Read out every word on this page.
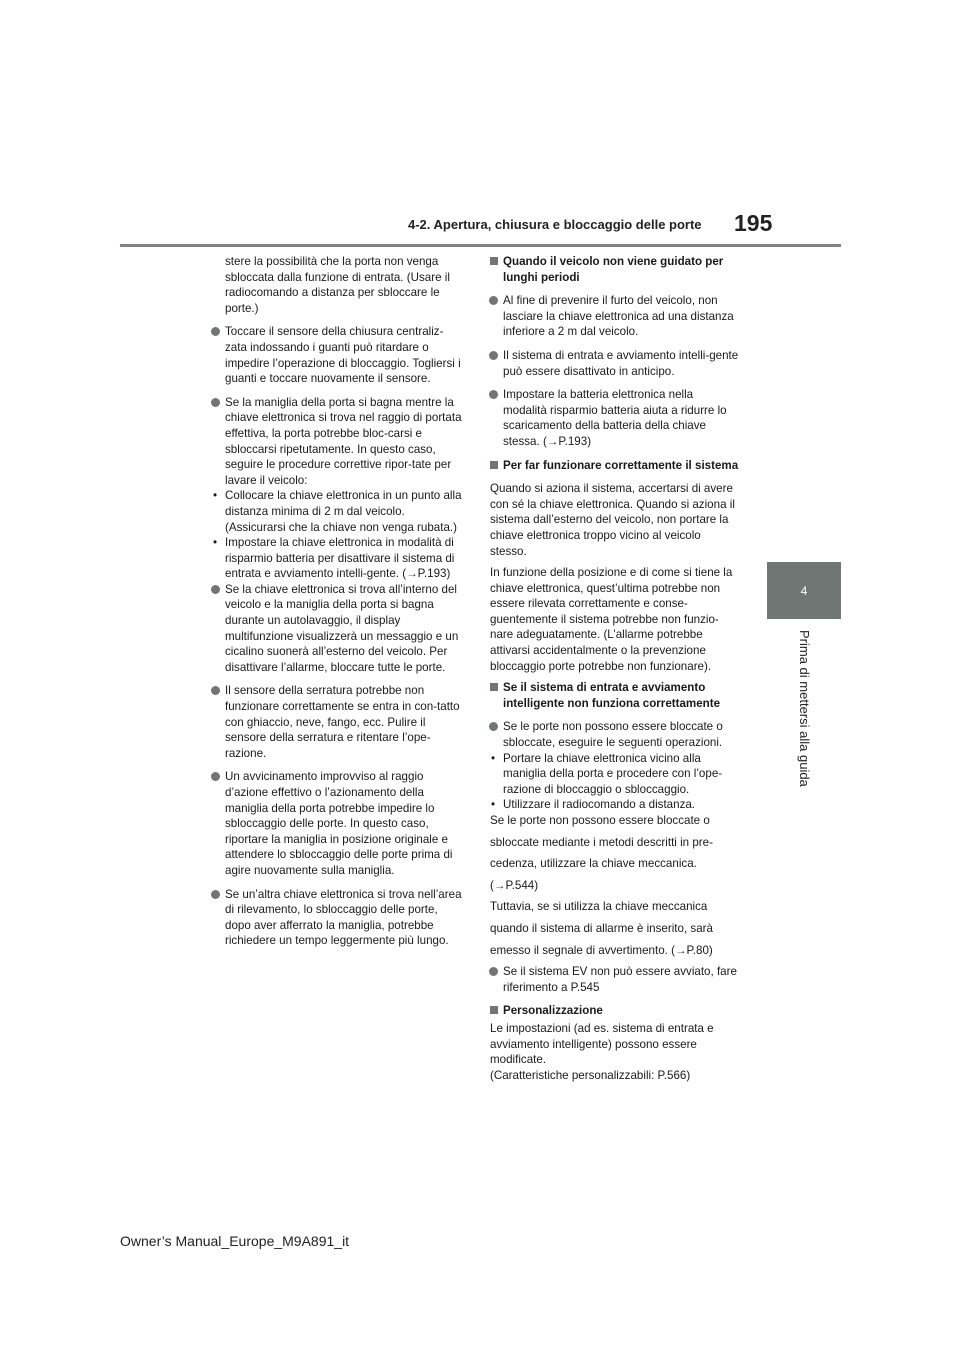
4-2. Apertura, chiusura e bloccaggio delle porte 195
4
Prima di mettersi alla guida
stere la possibilità che la porta non venga sbloccata dalla funzione di entrata. (Usare il radiocomando a distanza per sbloccare le porte.)
Toccare il sensore della chiusura centraliz-zata indossando i guanti può ritardare o impedire l’operazione di bloccaggio. Togliersi i guanti e toccare nuovamente il sensore.
Se la maniglia della porta si bagna mentre la chiave elettronica si trova nel raggio di portata effettiva, la porta potrebbe bloc-carsi e sbloccarsi ripetutamente. In questo caso, seguire le procedure correttive ripor-tate per lavare il veicolo:
• Collocare la chiave elettronica in un punto alla distanza minima di 2 m dal veicolo. (Assicurarsi che la chiave non venga rubata.)
• Impostare la chiave elettronica in modalità di risparmio batteria per disattivare il sistema di entrata e avviamento intelli-gente. (→P.193)
Se la chiave elettronica si trova all’interno del veicolo e la maniglia della porta si bagna durante un autolavaggio, il display multifunzione visualizzerà un messaggio e un cicalino suonerà all’esterno del veicolo. Per disattivare l’allarme, bloccare tutte le porte.
Il sensore della serratura potrebbe non funzionare correttamente se entra in con-tatto con ghiaccio, neve, fango, ecc. Pulire il sensore della serratura e ritentare l’ope-razione.
Un avvicinamento improvviso al raggio d’azione effettivo o l’azionamento della maniglia della porta potrebbe impedire lo sbloccaggio delle porte. In questo caso, riportare la maniglia in posizione originale e attendere lo sbloccaggio delle porte prima di agire nuovamente sulla maniglia.
Se un’altra chiave elettronica si trova nell’area di rilevamento, lo sbloccaggio delle porte, dopo aver afferrato la maniglia, potrebbe richiedere un tempo leggermente più lungo.
Quando il veicolo non viene guidato per lunghi periodi
Al fine di prevenire il furto del veicolo, non lasciare la chiave elettronica ad una distanza inferiore a 2 m dal veicolo.
Il sistema di entrata e avviamento intelli-gente può essere disattivato in anticipo.
Impostare la batteria elettronica nella modalità risparmio batteria aiuta a ridurre lo scaricamento della batteria della chiave stessa. (→P.193)
Per far funzionare correttamente il sistema
Quando si aziona il sistema, accertarsi di avere con sé la chiave elettronica. Quando si aziona il sistema dall’esterno del veicolo, non portare la chiave elettronica troppo vicino al veicolo stesso.
In funzione della posizione e di come si tiene la chiave elettronica, quest’ultima potrebbe non essere rilevata correttamente e conse-guentemente il sistema potrebbe non funzio-nare adeguatamente. (L’allarme potrebbe attivarsi accidentalmente o la prevenzione bloccaggio porte potrebbe non funzionare).
Se il sistema di entrata e avviamento intelligente non funziona correttamente
Se le porte non possono essere bloccate o sbloccate, eseguire le seguenti operazioni.
• Portare la chiave elettronica vicino alla maniglia della porta e procedere con l’ope-razione di bloccaggio o sbloccaggio.
• Utilizzare il radiocomando a distanza.
Se le porte non possono essere bloccate o
sbloccate mediante i metodi descritti in pre-
cedenza, utilizzare la chiave meccanica.
(→P.544)
Tuttavia, se si utilizza la chiave meccanica
quando il sistema di allarme è inserito, sarà
emesso il segnale di avvertimento. (→P.80)
Se il sistema EV non può essere avviato, fare riferimento a P.545
Personalizzazione
Le impostazioni (ad es. sistema di entrata e avviamento intelligente) possono essere modificate.
(Caratteristiche personalizzabili: P.566)
Owner’s Manual_Europe_M9A891_it
